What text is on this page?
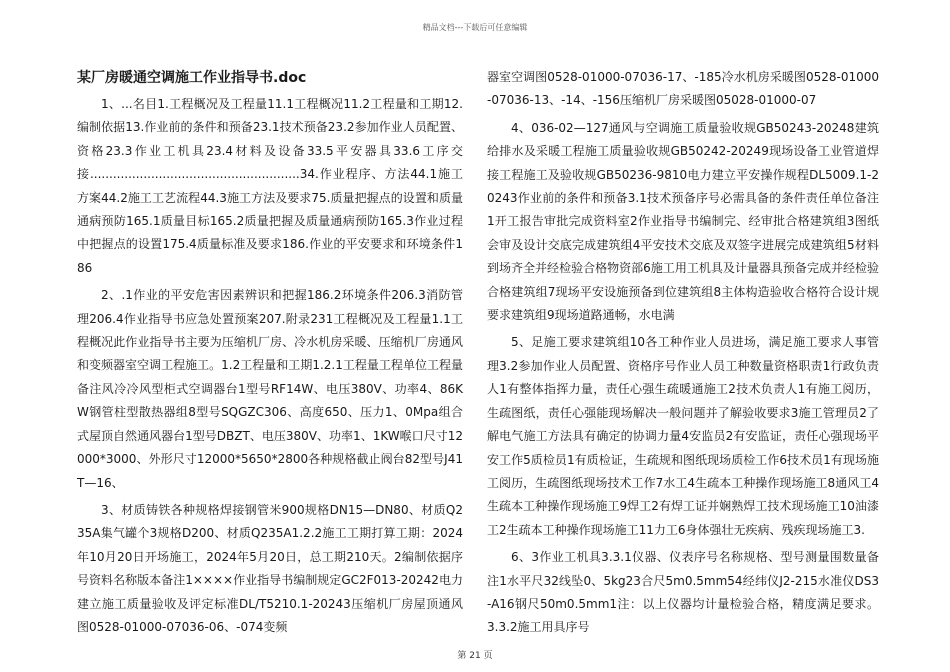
精品文档---下载后可任意编辑
某厂房暖通空调施工作业指导书.doc

1、...名目1.工程概况及工程量11.1工程概况11.2工程量和工期12.编制依据13.作业前的条件和预备23.1技术预备23.2参加作业人员配置、资格23.3作业工机具23.4材料及设备33.5平安器具33.6工序交接.......................................................34.作业程序、方法44.1施工方案44.2施工工艺流程44.3施工方法及要求75.质量把握点的设置和质量通病预防165.1质量目标165.2质量把握及质量通病预防165.3作业过程中把握点的设置175.4质量标准及要求186.作业的平安要求和环境条件186

2、.1作业的平安危害因素辨识和把握186.2环境条件206.3消防管理206.4作业指导书应急处置预案207.附录231工程概况及工程量1.1工程概况此作业指导书主要为压缩机厂房、冷水机房采暖、压缩机厂房通风和变频器室空调工程施工。1.2工程量和工期1.2.1工程量工程单位工程量备注风冷冷风型柜式空调器台1型号RF14W、电压380V、功率4、86KW钢管柱型散热器组8型号SQGZC306、高度650、压力1、0Mpa组合式屋顶自然通风器台1型号DBZT、电压380V、功率1、1KW喉口尺寸12000*3000、外形尺寸12000*5650*2800各种规格截止阀台82型号J41T—16、

3、材质铸铁各种规格焊接钢管米900规格DN15—DN80、材质Q235A集气罐个3规格D200、材质Q235A1.2.2施工工期打算工期：2024年10月20日开场施工，2024年5月20日，总工期210天。2编制依据序号资料名称版本备注1××××作业指导书编制规定GC2F013-20242电力建立施工质量验收及评定标准DL/T5210.1-20243压缩机厂房屋顶通风图0528-01000-07036-06、-074变频

器室空调图0528-01000-07036-17、-185冷水机房采暖图0528-01000-07036-13、-14、-156压缩机厂房采暖图05028-01000-07

4、036-02—127通风与空调施工质量验收规GB50243-20248建筑给排水及采暖工程施工质量验收规GB50242-20249现场设备工业管道焊接工程施工及验收规GB50236-9810电力建立平安操作规程DL5009.1-20243作业前的条件和预备3.1技术预备序号必需具备的条件责任单位备注1开工报告审批完成资料室2作业指导书编制完、经审批合格建筑组3图纸会审及设计交底完成建筑组4平安技术交底及双签字进展完成建筑组5材料到场齐全并经检验合格物资部6施工用工机具及计量器具预备完成并经检验合格建筑组7现场平安设施预备到位建筑组8主体构造验收合格符合设计规要求建筑组9现场道路通畅，水电满

5、足施工要求建筑组10各工种作业人员进场，满足施工要求人事管理3.2参加作业人员配置、资格序号作业人员工种数量资格职责1行政负责人1有整体指挥力量，责任心强生疏暖通施工2技术负责人1有施工阅历，生疏图纸，责任心强能现场解决一般问题并了解验收要求3施工管理员2了解电气施工方法具有确定的协调力量4安监员2有安监证，责任心强现场平安工作5质检员1有质检证，生疏规和图纸现场质检工作6技术员1有现场施工阅历，生疏图纸现场技术工作7水工4生疏本工种操作现场施工8通风工4生疏本工种操作现场施工9焊工2有焊工证并娴熟焊工技术现场施工10油漆工2生疏本工种操作现场施工11力工6身体强壮无疾病、残疾现场施工3.

6、3作业工机具3.3.1仪器、仪表序号名称规格、型号测量围数量备注1水平尺32线坠0、5kg23合尺5m0.5mm54经纬仪J2-215水准仪DS3-A16钢尺50m0.5mm1注：以上仪器均计量检验合格，精度满足要求。3.3.2施工用具序号

第 21 页
